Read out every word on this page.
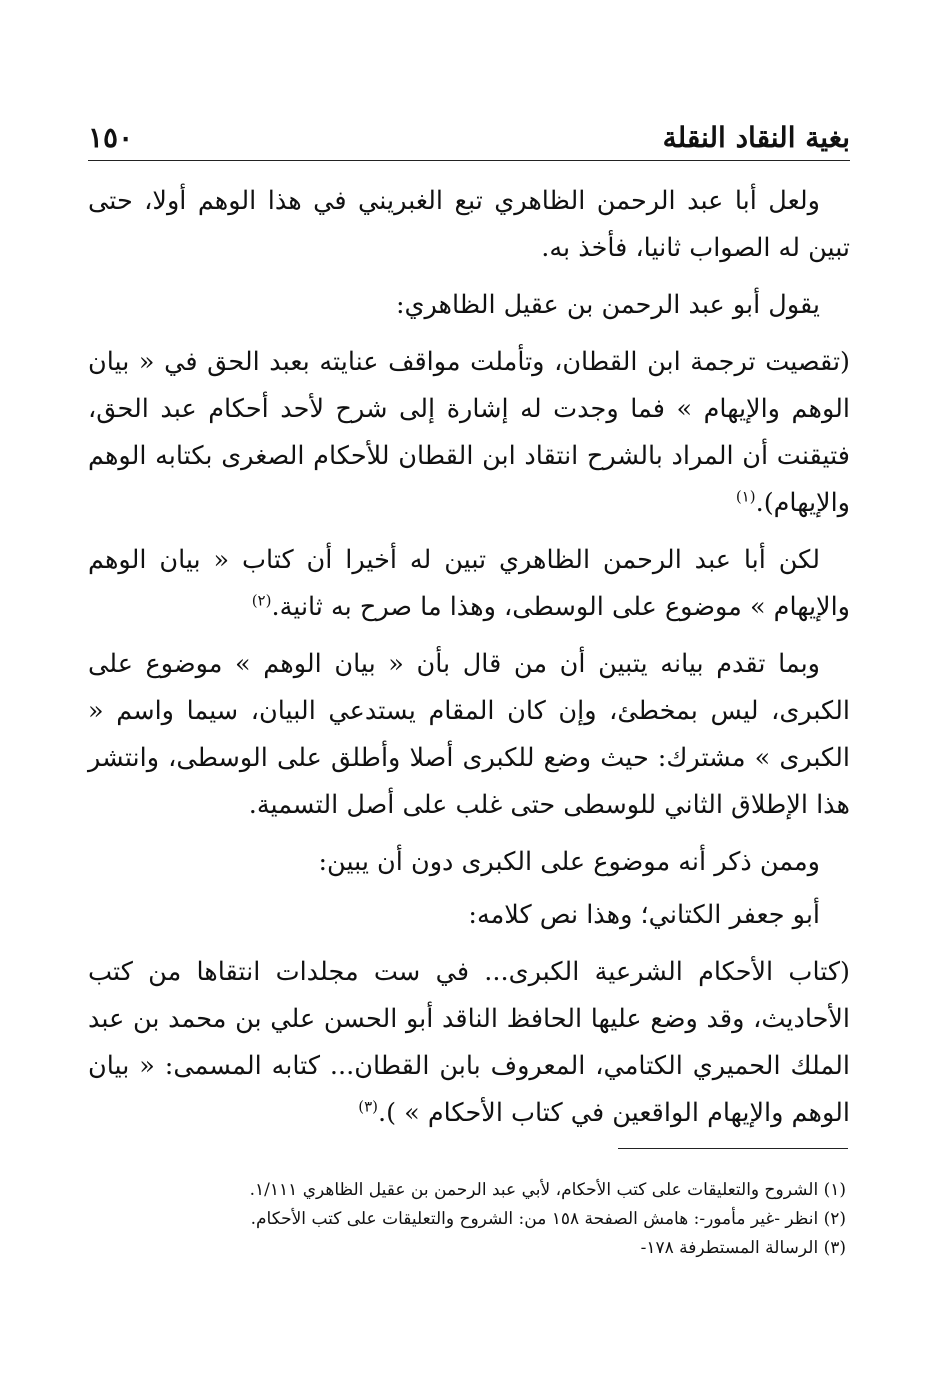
بغية النقاد النقلة
١٥٠

ولعل أبا عبد الرحمن الظاهري تبع الغبريني في هذا الوهم أولا، حتى تبين له الصواب ثانيا، فأخذ به.

يقول أبو عبد الرحمن بن عقيل الظاهري:

(تقصيت ترجمة ابن القطان، وتأملت مواقف عنايته بعبد الحق في « بيان الوهم والإيهام » فما وجدت له إشارة إلى شرح لأحد أحكام عبد الحق، فتيقنت أن المراد بالشرح انتقاد ابن القطان للأحكام الصغرى بكتابه الوهم والإيهام).$^{(١)}$

لكن أبا عبد الرحمن الظاهري تبين له أخيرا أن كتاب « بيان الوهم والإيهام » موضوع على الوسطى، وهذا ما صرح به ثانية.$^{(٢)}$

وبما تقدم بيانه يتبين أن من قال بأن « بيان الوهم » موضوع على الكبرى، ليس بمخطئ، وإن كان المقام يستدعي البيان، سيما واسم « الكبرى » مشترك: حيث وضع للكبرى أصلا وأطلق على الوسطى، وانتشر هذا الإطلاق الثاني للوسطى حتى غلب على أصل التسمية.

وممن ذكر أنه موضوع على الكبرى دون أن يبين:

أبو جعفر الكتاني؛ وهذا نص كلامه:

(كتاب الأحكام الشرعية الكبرى... في ست مجلدات انتقاها من كتب الأحاديث، وقد وضع عليها الحافظ الناقد أبو الحسن علي بن محمد بن عبد الملك الحميري الكتامي، المعروف بابن القطان... كتابه المسمى: « بيان الوهم والإيهام الواقعين في كتاب الأحكام » ).$^{(٣)}$

(١) الشروح والتعليقات على كتب الأحكام، لأبي عبد الرحمن بن عقيل الظاهري ١/١١١.
(٢) انظر -غير مأمور-: هامش الصفحة ١٥٨ من: الشروح والتعليقات على كتب الأحكام.
(٣) الرسالة المستطرفة ١٧٨-
